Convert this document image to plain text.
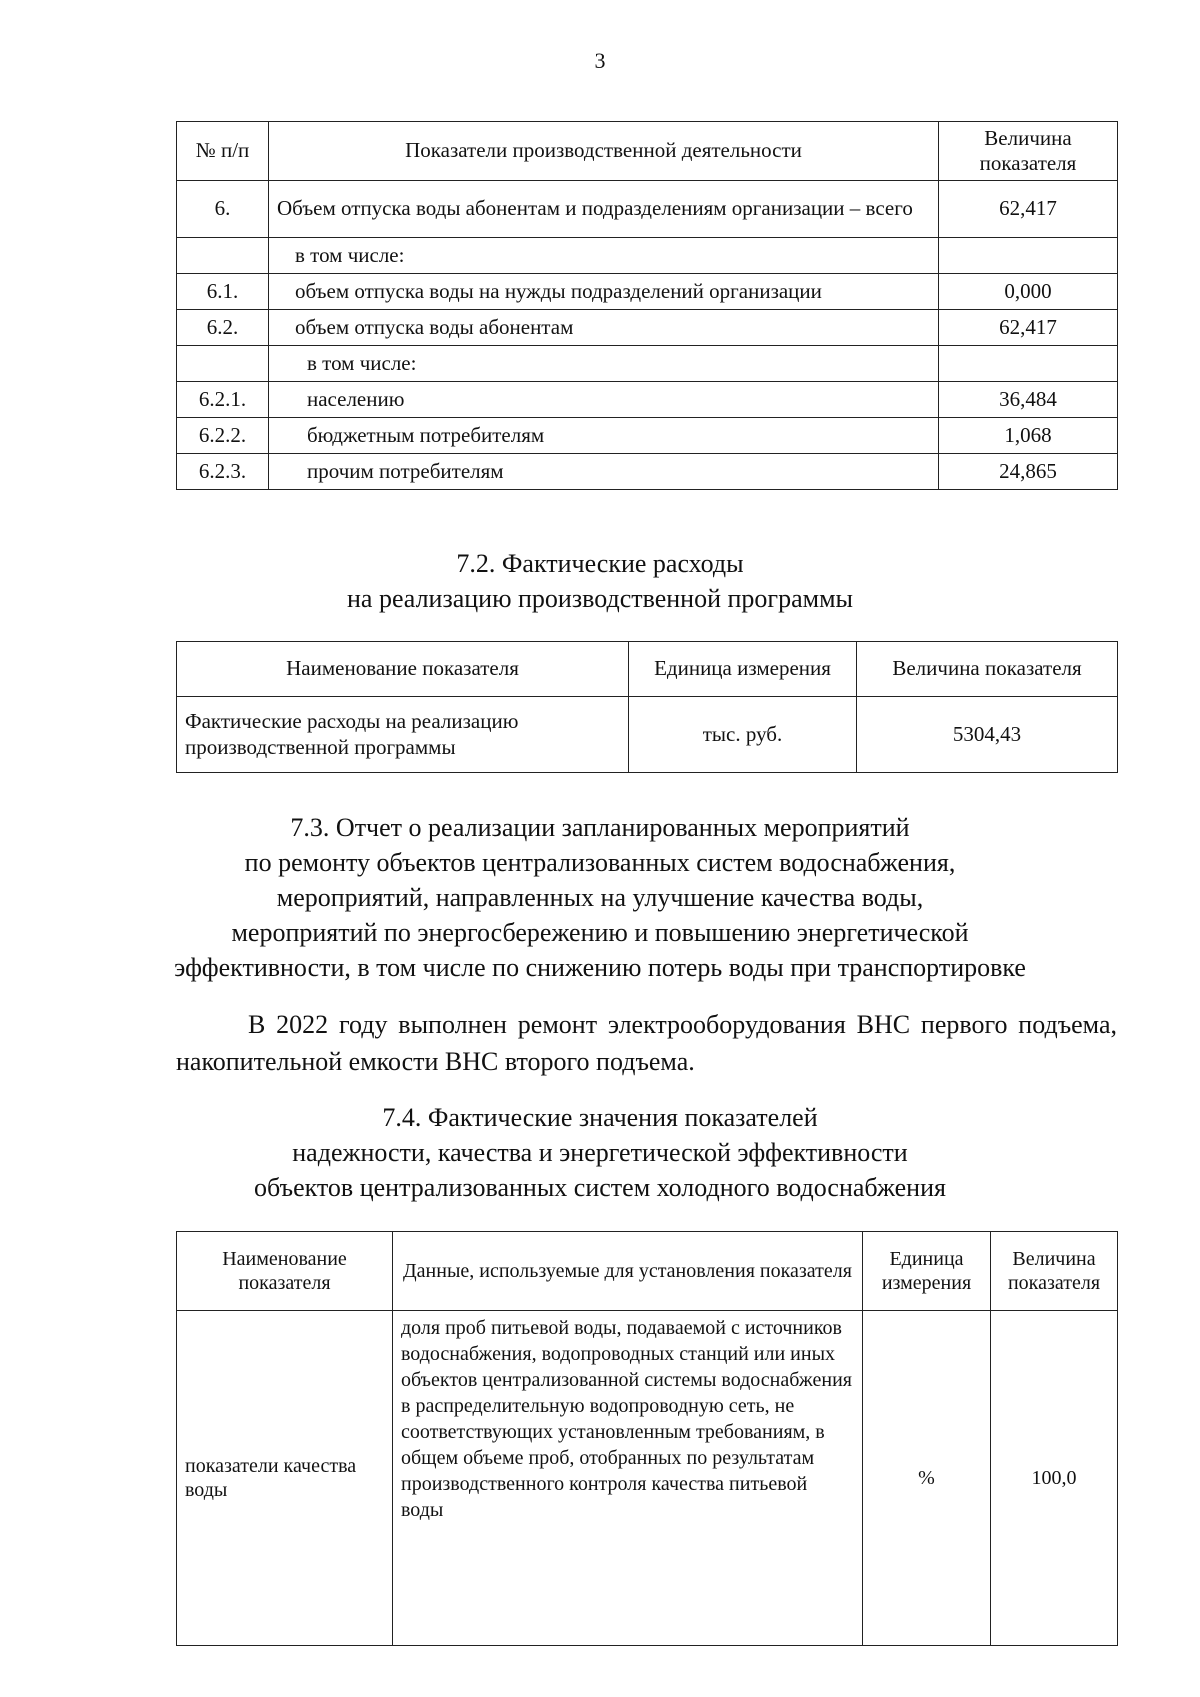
3
№ п/п	Показатели производственной деятельности	Величина показателя
6.	Объем отпуска воды абонентам и подразделениям организации – всего	62,417
	в том числе:	
6.1.	объем отпуска воды на нужды подразделений организации	0,000
6.2.	объем отпуска воды абонентам	62,417
	в том числе:	
6.2.1.	населению	36,484
6.2.2.	бюджетным потребителям	1,068
6.2.3.	прочим потребителям	24,865
7.2. Фактические расходы
на реализацию производственной программы
Наименование показателя	Единица измерения	Величина показателя
Фактические расходы на реализацию производственной программы	тыс. руб.	5304,43
7.3. Отчет о реализации запланированных мероприятий
по ремонту объектов централизованных систем водоснабжения,
мероприятий, направленных на улучшение качества воды,
мероприятий по энергосбережению и повышению энергетической
эффективности, в том числе по снижению потерь воды при транспортировке
В 2022 году выполнен ремонт электрооборудования ВНС первого подъема, накопительной емкости ВНС второго подъема.
7.4. Фактические значения показателей
надежности, качества и энергетической эффективности
объектов централизованных систем холодного водоснабжения
Наименование показателя	Данные, используемые для установления показателя	Единица измерения	Величина показателя
показатели качества воды	доля проб питьевой воды, подаваемой с источников водоснабжения, водопроводных станций или иных объектов централизованной системы водоснабжения в распределительную водопроводную сеть, не соответствующих установленным требованиям, в общем объеме проб, отобранных по результатам производственного контроля качества питьевой воды	%	100,0
